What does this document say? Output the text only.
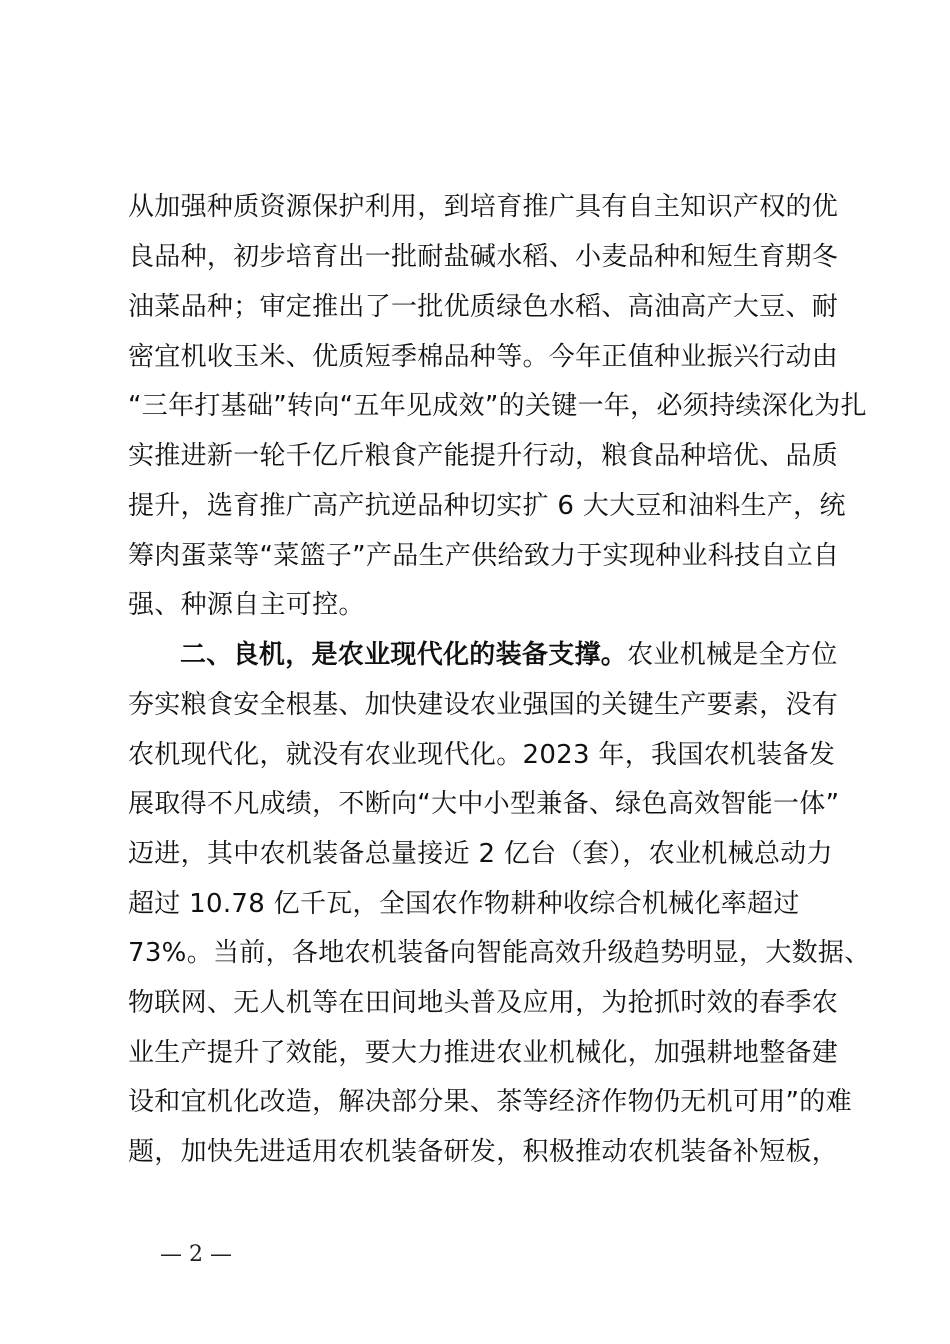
从加强种质资源保护利用，到培育推广具有自主知识产权的优
良品种，初步培育出一批耐盐碱水稻、小麦品种和短生育期冬
油菜品种；审定推出了一批优质绿色水稻、高油高产大豆、耐
密宜机收玉米、优质短季棉品种等。今年正值种业振兴行动由
“三年打基础”转向“五年见成效”的关键一年，必须持续深化为扎
实推进新一轮千亿斤粮食产能提升行动，粮食品种培优、品质
提升，选育推广高产抗逆品种切实扩 6 大大豆和油料生产，统
筹肉蛋菜等“菜篮子”产品生产供给致力于实现种业科技自立自
强、种源自主可控。
二、良机，是农业现代化的装备支撑。农业机械是全方位
夯实粮食安全根基、加快建设农业强国的关键生产要素，没有
农机现代化，就没有农业现代化。2023 年，我国农机装备发
展取得不凡成绩，不断向“大中小型兼备、绿色高效智能一体”
迈进，其中农机装备总量接近 2 亿台（套），农业机械总动力
超过 10.78 亿千瓦，全国农作物耕种收综合机械化率超过
73%。当前，各地农机装备向智能高效升级趋势明显，大数据、
物联网、无人机等在田间地头普及应用，为抢抓时效的春季农
业生产提升了效能，要大力推进农业机械化，加强耕地整备建
设和宜机化改造，解决部分果、茶等经济作物仍无机可用”的难
题，加快先进适用农机装备研发，积极推动农机装备补短板，
— 2 —
